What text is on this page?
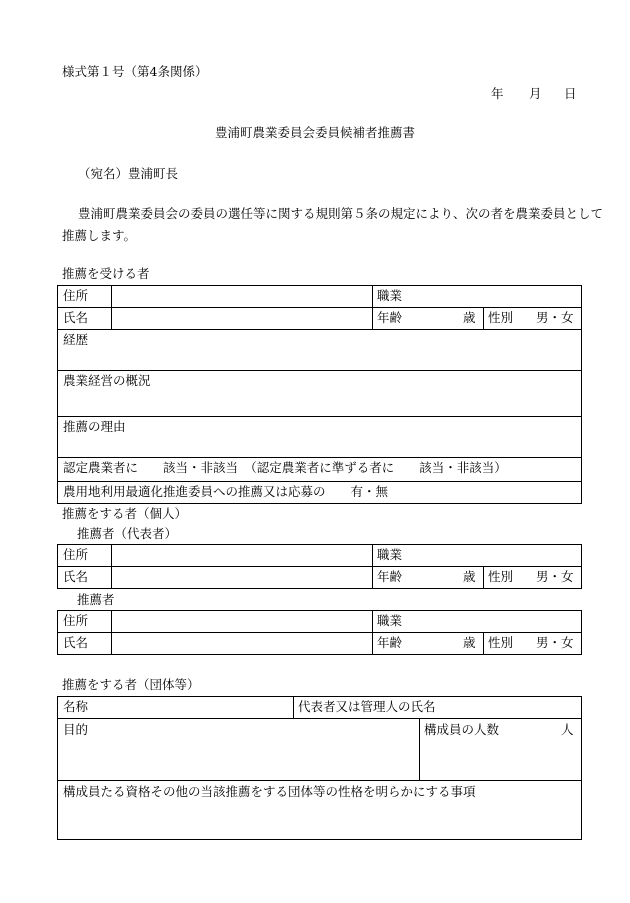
様式第１号（第4条関係）
年 月 日
豊浦町農業委員会委員候補者推薦書
（宛名）豊浦町長
豊浦町農業委員会の委員の選任等に関する規則第５条の規定により、次の者を農業委員として
推薦します。
推薦を受ける者
住所	職業
氏名	年齢	歳 性別 男・女
経歴
農業経営の概況
推薦の理由
認定農業者に　　該当・非該当　（認定農業者に準ずる者に　　該当・非該当）
農用地利用最適化推進委員への推薦又は応募の　　有・無
推薦をする者（個人）
推薦者（代表者）
住所	職業
氏名	年齢	歳 性別 男・女
推薦者
住所	職業
氏名	年齢	歳 性別 男・女
推薦をする者（団体等）
名称	代表者又は管理人の氏名
目的	構成員の人数	人
構成員たる資格その他の当該推薦をする団体等の性格を明らかにする事項
